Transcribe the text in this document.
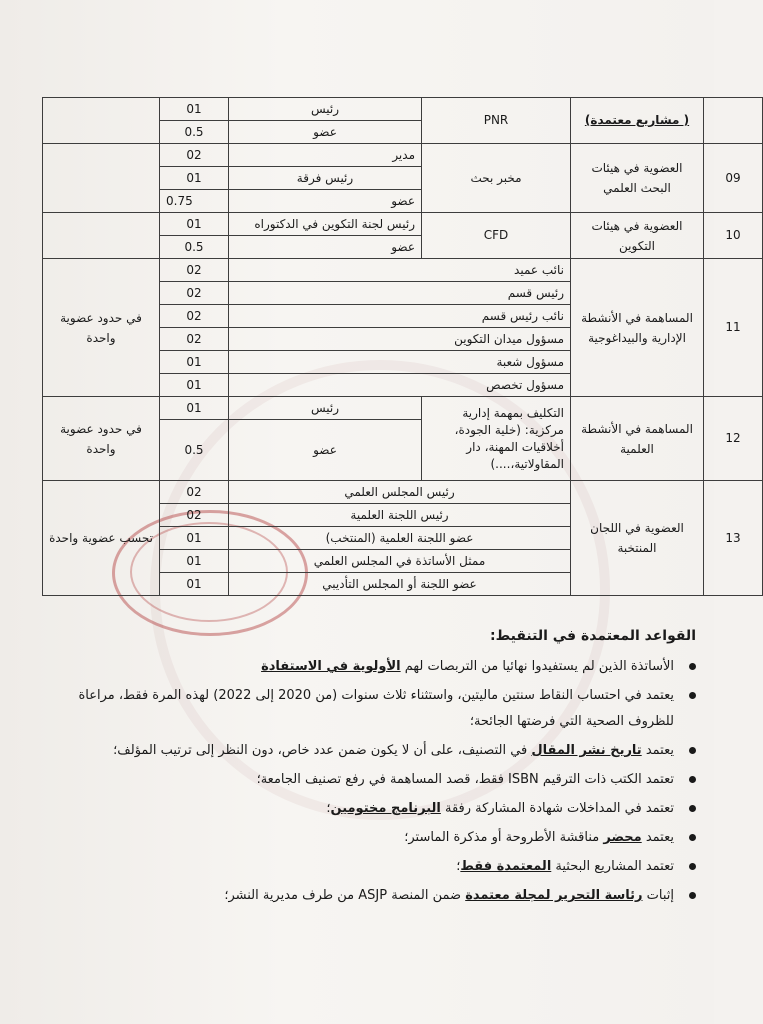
	( مشاريع معتمدة)	PNR	رئيس	01	
			عضو	0.5	
09	العضوية في هيئات البحث العلمي	مخبر بحث	مدير	02	
			رئيس فرقة	01	
			عضو	0.75	
10	العضوية في هيئات التكوين	CFD	رئيس لجنة التكوين في الدكتوراه	01	
			عضو	0.5	
11	المساهمة في الأنشطة الإدارية والبيداغوجية	نائب عميد		02	في حدود عضوية واحدة
		رئيس قسم		02	
		نائب رئيس قسم		02	
		مسؤول ميدان التكوين		02	
		مسؤول شعبة		01	
		مسؤول تخصص		01	
12	المساهمة في الأنشطة العلمية	التكليف بمهمة إدارية مركزية: (خلية الجودة، أخلاقيات المهنة، دار المقاولاتية،....)	رئيس	01	في حدود عضوية واحدة
			عضو	0.5	
13	العضوية في اللجان المنتخبة	رئيس المجلس العلمي		02	تحسب عضوية واحدة
		رئيس اللجنة العلمية		02	
		عضو اللجنة العلمية (المنتخب)		01	
		ممثل الأساتذة في المجلس العلمي		01	
		عضو اللجنة أو المجلس التأديبي		01	
القواعد المعتمدة في التنقيط:
الأساتذة الذين لم يستفيدوا نهائيا من التربصات لهم الأولوية في الاستفادة
يعتمد في احتساب النقاط سنتين ماليتين، واستثناء ثلاث سنوات (من 2020 إلى 2022) لهذه المرة فقط، مراعاة للظروف الصحية التي فرضتها الجائحة؛
يعتمد تاريخ نشر المقال في التصنيف، على أن لا يكون ضمن عدد خاص، دون النظر إلى ترتيب المؤلف؛
تعتمد الكتب ذات الترقيم ISBN فقط، قصد المساهمة في رفع تصنيف الجامعة؛
تعتمد في المداخلات شهادة المشاركة رفقة البرنامج مختومين؛
يعتمد محضر مناقشة الأطروحة أو مذكرة الماستر؛
تعتمد المشاريع البحثية المعتمدة فقط؛
إثبات رئاسة التحرير لمجلة معتمدة ضمن المنصة ASJP من طرف مديرية النشر؛
